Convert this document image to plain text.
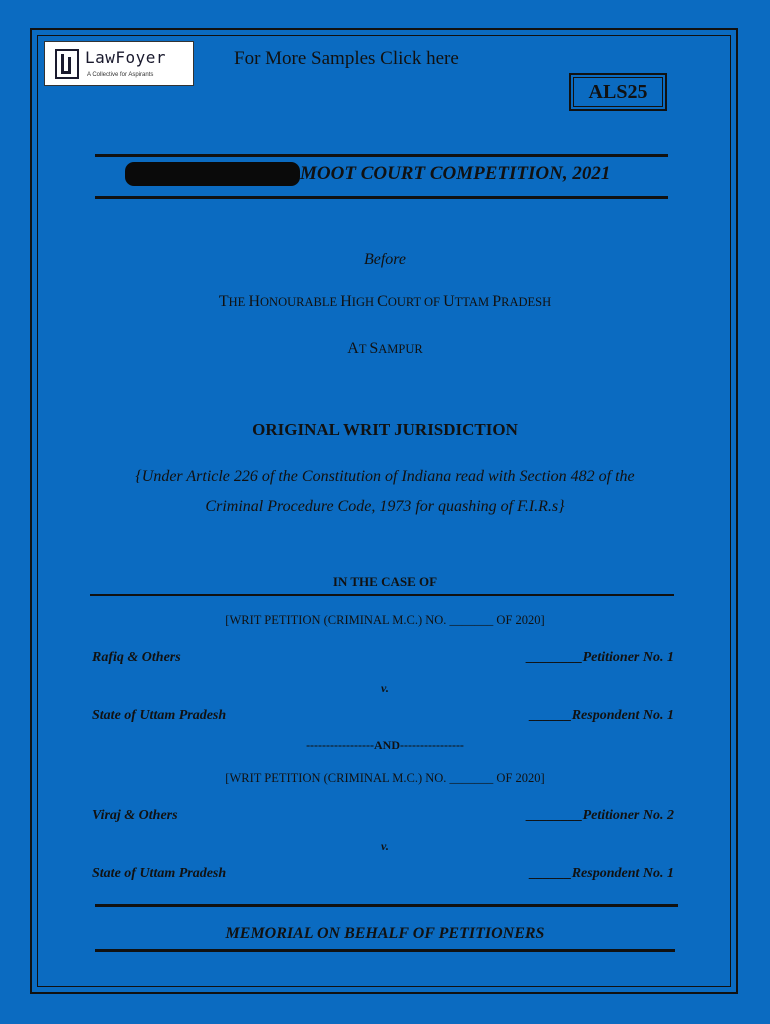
LawFoyer
A Collective for Aspirants
For More Samples Click here
ALS25
MOOT COURT COMPETITION, 2021
Before
THE HONOURABLE HIGH COURT OF UTTAM PRADESH
AT SAMPUR
ORIGINAL WRIT JURISDICTION
{Under Article 226 of the Constitution of Indiana read with Section 482 of the
Criminal Procedure Code, 1973 for quashing of F.I.R.s}
IN THE CASE OF
[WRIT PETITION (CRIMINAL M.C.) NO. _______ OF 2020]
Rafiq & Others	________Petitioner No. 1
v.
State of Uttam Pradesh	______Respondent No. 1
-----------------AND----------------
[WRIT PETITION (CRIMINAL M.C.) NO. _______ OF 2020]
Viraj & Others	________Petitioner No. 2
v.
State of Uttam Pradesh	______Respondent No. 1
MEMORIAL ON BEHALF OF PETITIONERS
